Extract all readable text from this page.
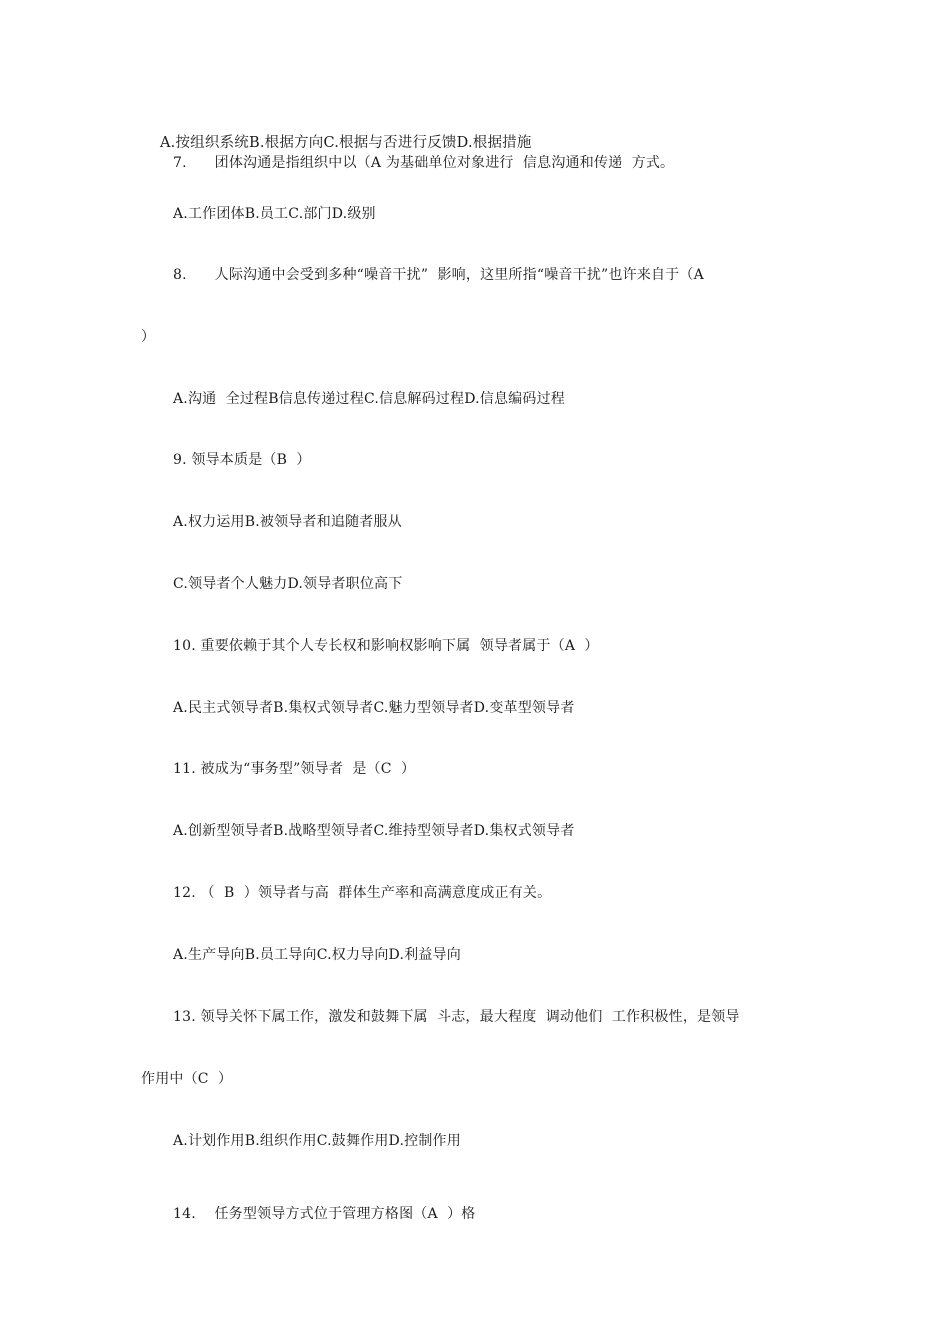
A.按组织系统B.根据方向C.根据与否进行反馈D.根据措施
7.      团体沟通是指组织中以（A 为基础单位对象进行  信息沟通和传递  方式。
A.工作团体B.员工C.部门D.级别
8.      人际沟通中会受到多种“噪音干扰”  影响，这里所指“噪音干扰”也许来自于（A
）
A.沟通  全过程B信息传递过程C.信息解码过程D.信息编码过程
9. 领导本质是（B  ）
A.权力运用B.被领导者和追随者服从
C.领导者个人魅力D.领导者职位高下
10. 重要依赖于其个人专长权和影响权影响下属  领导者属于（A  ）
A.民主式领导者B.集权式领导者C.魅力型领导者D.变革型领导者
11. 被成为“事务型”领导者  是（C  ）
A.创新型领导者B.战略型领导者C.维持型领导者D.集权式领导者
12. （  B  ）领导者与高  群体生产率和高满意度成正有关。
A.生产导向B.员工导向C.权力导向D.利益导向
13. 领导关怀下属工作，激发和鼓舞下属  斗志，最大程度  调动他们  工作积极性，是领导
作用中（C  ）
A.计划作用B.组织作用C.鼓舞作用D.控制作用
14.    任务型领导方式位于管理方格图（A  ）格
